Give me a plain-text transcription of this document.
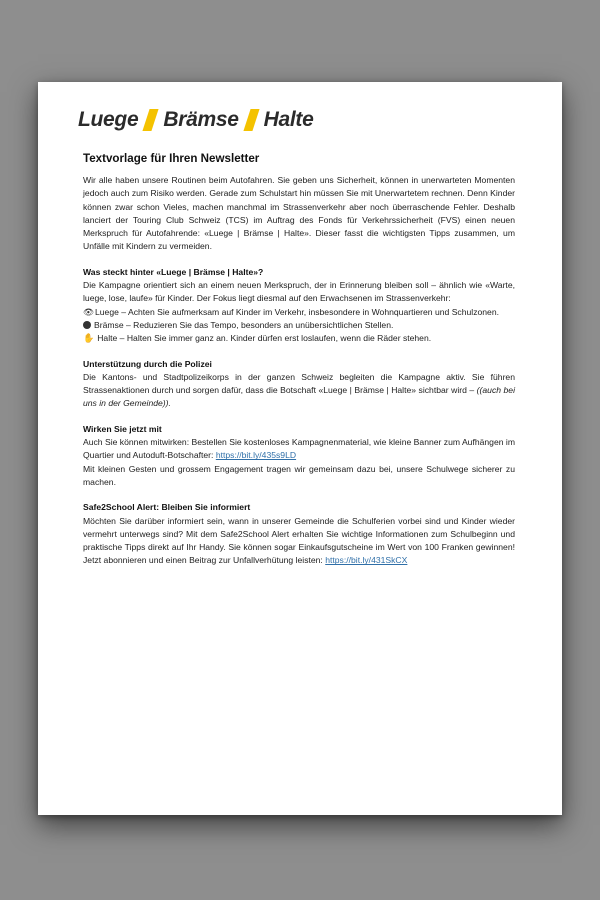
Luege Brämse Halte
Textvorlage für Ihren Newsletter

Wir alle haben unsere Routinen beim Autofahren. Sie geben uns Sicherheit, können in unerwarteten Momenten jedoch auch zum Risiko werden. Gerade zum Schulstart hin müssen Sie mit Unerwartetem rechnen. Denn Kinder können zwar schon Vieles, machen manchmal im Strassenverkehr aber noch überraschende Fehler. Deshalb lanciert der Touring Club Schweiz (TCS) im Auftrag des Fonds für Verkehrssicherheit (FVS) einen neuen Merkspruch für Autofahrende: «Luege | Brämse | Halte». Dieser fasst die wichtigsten Tipps zusammen, um Unfälle mit Kindern zu vermeiden.

Was steckt hinter «Luege | Brämse | Halte»?

Die Kampagne orientiert sich an einem neuen Merkspruch, der in Erinnerung bleiben soll – ähnlich wie «Warte, luege, lose, laufe» für Kinder. Der Fokus liegt diesmal auf den Erwachsenen im Strassenverkehr:

👁 Luege – Achten Sie aufmerksam auf Kinder im Verkehr, insbesondere in Wohnquartieren und Schulzonen.

Brämse – Reduzieren Sie das Tempo, besonders an unübersichtlichen Stellen.

✋ Halte – Halten Sie immer ganz an. Kinder dürfen erst loslaufen, wenn die Räder stehen.

Unterstützung durch die Polizei

Die Kantons- und Stadtpolizeikorps in der ganzen Schweiz begleiten die Kampagne aktiv. Sie führen Strassenaktionen durch und sorgen dafür, dass die Botschaft «Luege | Brämse | Halte» sichtbar wird – ((auch bei uns in der Gemeinde)).

Wirken Sie jetzt mit

Auch Sie können mitwirken: Bestellen Sie kostenloses Kampagnenmaterial, wie kleine Banner zum Aufhängen im Quartier und Autoduft-Botschafter: https://bit.ly/435s9LD

Mit kleinen Gesten und grossem Engagement tragen wir gemeinsam dazu bei, unsere Schulwege sicherer zu machen.

Safe2School Alert: Bleiben Sie informiert

Möchten Sie darüber informiert sein, wann in unserer Gemeinde die Schulferien vorbei sind und Kinder wieder vermehrt unterwegs sind? Mit dem Safe2School Alert erhalten Sie wichtige Informationen zum Schulbeginn und praktische Tipps direkt auf Ihr Handy. Sie können sogar Einkaufsgutscheine im Wert von 100 Franken gewinnen! Jetzt abonnieren und einen Beitrag zur Unfallverhütung leisten: https://bit.ly/431SkCX
